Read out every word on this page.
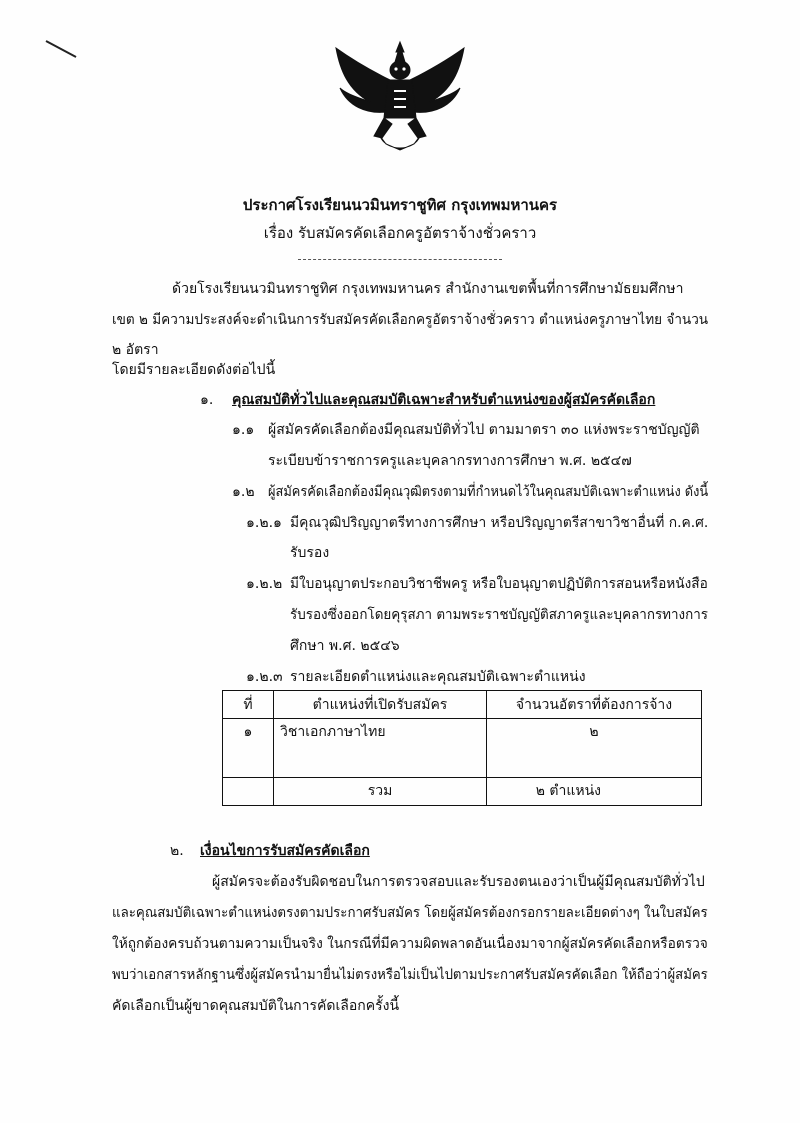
ประกาศโรงเรียนนวมินทราชูทิศ กรุงเทพมหานคร
เรื่อง รับสมัครคัดเลือกครูอัตราจ้างชั่วคราว
ด้วยโรงเรียนนวมินทราชูทิศ กรุงเทพมหานคร สำนักงานเขตพื้นที่การศึกษามัธยมศึกษา
เขต ๒ มีความประสงค์จะดำเนินการรับสมัครคัดเลือกครูอัตราจ้างชั่วคราว ตำแหน่งครูภาษาไทย จำนวน
๒ อัตรา
โดยมีรายละเอียดดังต่อไปนี้
๑. คุณสมบัติทั่วไปและคุณสมบัติเฉพาะสำหรับตำแหน่งของผู้สมัครคัดเลือก
๑.๑ ผู้สมัครคัดเลือกต้องมีคุณสมบัติทั่วไป ตามมาตรา ๓๐ แห่งพระราชบัญญัติ
ระเบียบข้าราชการครูและบุคลากรทางการศึกษา พ.ศ. ๒๕๔๗
๑.๒ ผู้สมัครคัดเลือกต้องมีคุณวุฒิตรงตามที่กำหนดไว้ในคุณสมบัติเฉพาะตำแหน่ง ดังนี้
๑.๒.๑ มีคุณวุฒิปริญญาตรีทางการศึกษา หรือปริญญาตรีสาขาวิชาอื่นที่ ก.ค.ศ.
รับรอง
๑.๒.๒ มีใบอนุญาตประกอบวิชาชีพครู หรือใบอนุญาตปฏิบัติการสอนหรือหนังสือ
รับรองซึ่งออกโดยคุรุสภา ตามพระราชบัญญัติสภาครูและบุคลากรทางการ
ศึกษา พ.ศ. ๒๕๔๖
๑.๒.๓ รายละเอียดตำแหน่งและคุณสมบัติเฉพาะตำแหน่ง
ที่	ตำแหน่งที่เปิดรับสมัคร	จำนวนอัตราที่ต้องการจ้าง
๑	วิชาเอกภาษาไทย	๒
	รวม	๒ ตำแหน่ง
๒. เงื่อนไขการรับสมัครคัดเลือก
ผู้สมัครจะต้องรับผิดชอบในการตรวจสอบและรับรองตนเองว่าเป็นผู้มีคุณสมบัติทั่วไป
และคุณสมบัติเฉพาะตำแหน่งตรงตามประกาศรับสมัคร โดยผู้สมัครต้องกรอกรายละเอียดต่างๆ ในใบสมัคร
ให้ถูกต้องครบถ้วนตามความเป็นจริง ในกรณีที่มีความผิดพลาดอันเนื่องมาจากผู้สมัครคัดเลือกหรือตรวจ
พบว่าเอกสารหลักฐานซึ่งผู้สมัครนำมายื่นไม่ตรงหรือไม่เป็นไปตามประกาศรับสมัครคัดเลือก ให้ถือว่าผู้สมัคร
คัดเลือกเป็นผู้ขาดคุณสมบัติในการคัดเลือกครั้งนี้
